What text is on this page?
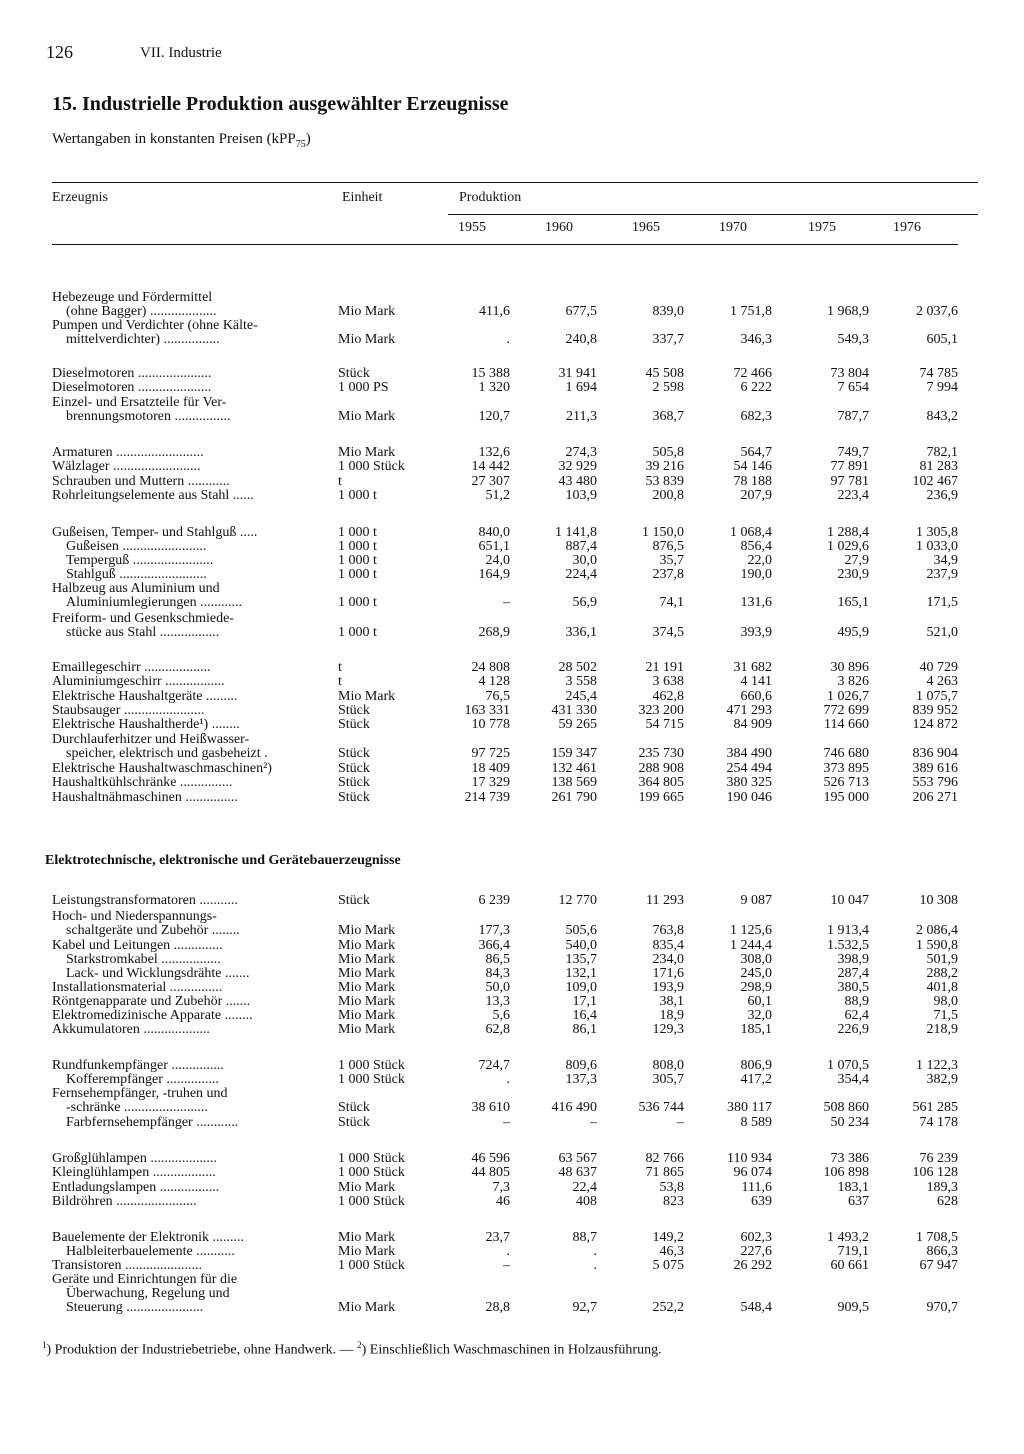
126	VII. Industrie
15. Industrielle Produktion ausgewählter Erzeugnisse
Wertangaben in konstanten Preisen (kPP$_{75}$)
Erzeugnis	Einheit	Produktion
1955	1960	1965	1970	1975	1976
Elektrotechnische, elektronische und Gerätebauerzeugnisse
Hebezeuge und Fördermittel
(ohne Bagger) ...................	Mio Mark	411,6	677,5	839,0	1 751,8	1 968,9	2 037,6
Pumpen und Verdichter (ohne Kälte-
mittelverdichter) ................	Mio Mark	.	240,8	337,7	346,3	549,3	605,1
Dieselmotoren .....................	Stück	15 388	31 941	45 508	72 466	73 804	74 785
Dieselmotoren .....................	1 000 PS	1 320	1 694	2 598	6 222	7 654	7 994
Einzel- und Ersatzteile für Ver-
brennungsmotoren ................	Mio Mark	120,7	211,3	368,7	682,3	787,7	843,2
Armaturen .........................	Mio Mark	132,6	274,3	505,8	564,7	749,7	782,1
Wälzlager .........................	1 000 Stück	14 442	32 929	39 216	54 146	77 891	81 283
Schrauben und Muttern ............	t	27 307	43 480	53 839	78 188	97 781	102 467
Rohrleitungselemente aus Stahl ......	1 000 t	51,2	103,9	200,8	207,9	223,4	236,9
Gußeisen, Temper- und Stahlguß .....	1 000 t	840,0	1 141,8	1 150,0	1 068,4	1 288,4	1 305,8
Gußeisen ........................	1 000 t	651,1	887,4	876,5	856,4	1 029,6	1 033,0
Temperguß .......................	1 000 t	24,0	30,0	35,7	22,0	27,9	34,9
Stahlguß .........................	1 000 t	164,9	224,4	237,8	190,0	230,9	237,9
Halbzeug aus Aluminium und
Aluminiumlegierungen ............	1 000 t	–	56,9	74,1	131,6	165,1	171,5
Freiform- und Gesenkschmiede-
stücke aus Stahl .................	1 000 t	268,9	336,1	374,5	393,9	495,9	521,0
Emaillegeschirr ...................	t	24 808	28 502	21 191	31 682	30 896	40 729
Aluminiumgeschirr .................	t	4 128	3 558	3 638	4 141	3 826	4 263
Elektrische Haushaltgeräte .........	Mio Mark	76,5	245,4	462,8	660,6	1 026,7	1 075,7
Staubsauger .......................	Stück	163 331	431 330	323 200	471 293	772 699	839 952
Elektrische Haushaltherde¹) ........	Stück	10 778	59 265	54 715	84 909	114 660	124 872
Durchlauferhitzer und Heißwasser-
speicher, elektrisch und gasbeheizt .	Stück	97 725	159 347	235 730	384 490	746 680	836 904
Elektrische Haushaltwaschmaschinen²)	Stück	18 409	132 461	288 908	254 494	373 895	389 616
Haushaltkühlschränke ...............	Stück	17 329	138 569	364 805	380 325	526 713	553 796
Haushaltnähmaschinen ...............	Stück	214 739	261 790	199 665	190 046	195 000	206 271
Leistungstransformatoren ...........	Stück	6 239	12 770	11 293	9 087	10 047	10 308
Hoch- und Niederspannungs-
schaltgeräte und Zubehör ........	Mio Mark	177,3	505,6	763,8	1 125,6	1 913,4	2 086,4
Kabel und Leitungen ..............	Mio Mark	366,4	540,0	835,4	1 244,4	1.532,5	1 590,8
Starkstromkabel .................	Mio Mark	86,5	135,7	234,0	308,0	398,9	501,9
Lack- und Wicklungsdrähte .......	Mio Mark	84,3	132,1	171,6	245,0	287,4	288,2
Installationsmaterial ...............	Mio Mark	50,0	109,0	193,9	298,9	380,5	401,8
Röntgenapparate und Zubehör .......	Mio Mark	13,3	17,1	38,1	60,1	88,9	98,0
Elektromedizinische Apparate ........	Mio Mark	5,6	16,4	18,9	32,0	62,4	71,5
Akkumulatoren ...................	Mio Mark	62,8	86,1	129,3	185,1	226,9	218,9
Rundfunkempfänger ...............	1 000 Stück	724,7	809,6	808,0	806,9	1 070,5	1 122,3
Kofferempfänger ...............	1 000 Stück	.	137,3	305,7	417,2	354,4	382,9
Fernsehempfänger, -truhen und
-schränke ........................	Stück	38 610	416 490	536 744	380 117	508 860	561 285
Farbfernsehempfänger ............	Stück	–	–	–	8 589	50 234	74 178
Großglühlampen ...................	1 000 Stück	46 596	63 567	82 766	110 934	73 386	76 239
Kleinglühlampen ..................	1 000 Stück	44 805	48 637	71 865	96 074	106 898	106 128
Entladungslampen .................	Mio Mark	7,3	22,4	53,8	111,6	183,1	189,3
Bildröhren .......................	1 000 Stück	46	408	823	639	637	628
Bauelemente der Elektronik .........	Mio Mark	23,7	88,7	149,2	602,3	1 493,2	1 708,5
Halbleiterbauelemente ...........	Mio Mark	.	.	46,3	227,6	719,1	866,3
Transistoren ......................	1 000 Stück	–	.	5 075	26 292	60 661	67 947
Geräte und Einrichtungen für die
Überwachung, Regelung und
Steuerung ......................	Mio Mark	28,8	92,7	252,2	548,4	909,5	970,7
$^1$) Produktion der Industriebetriebe, ohne Handwerk. — $^2$) Einschließlich Waschmaschinen in Holzausführung.
